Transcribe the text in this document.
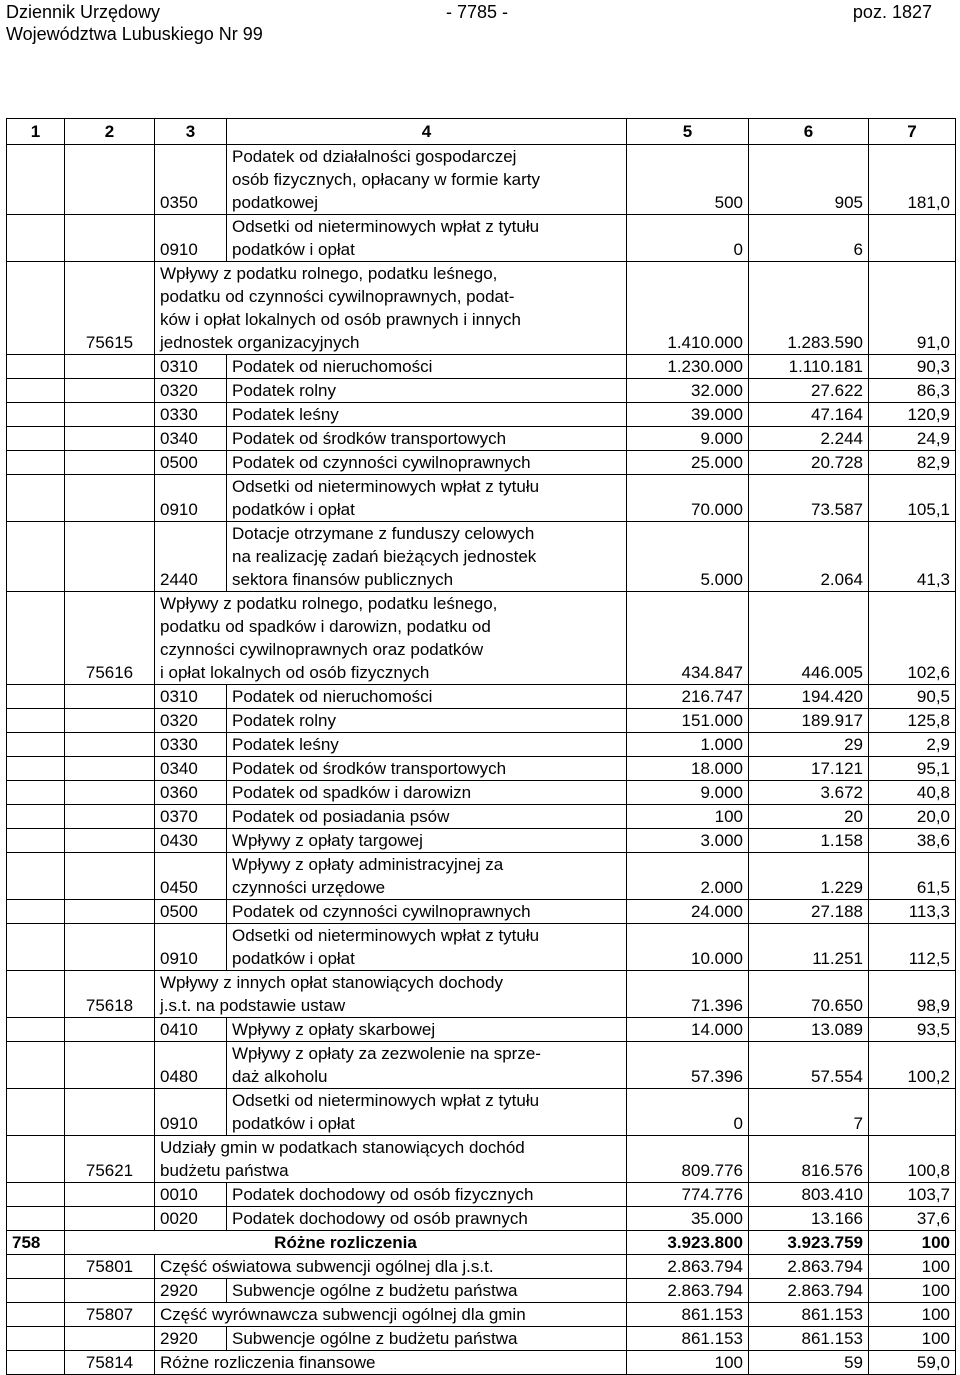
Dziennik Urzędowy
Województwa Lubuskiego Nr 99
- 7785 -	poz. 1827
1	2	3	4	5	6	7
		0350	Podatek od działalności gospodarczej
osób fizycznych, opłacany w formie karty
podatkowej	500	905	181,0
		0910	Odsetki od nieterminowych wpłat z tytułu
podatków i opłat	0	6	
	75615	Wpływy z podatku rolnego, podatku leśnego,
podatku od czynności cywilnoprawnych, podat-
ków i opłat lokalnych od osób prawnych i innych
jednostek organizacyjnych		1.410.000	1.283.590	91,0
		0310	Podatek od nieruchomości	1.230.000	1.110.181	90,3
		0320	Podatek rolny	32.000	27.622	86,3
		0330	Podatek leśny	39.000	47.164	120,9
		0340	Podatek od środków transportowych	9.000	2.244	24,9
		0500	Podatek od czynności cywilnoprawnych	25.000	20.728	82,9
		0910	Odsetki od nieterminowych wpłat z tytułu
podatków i opłat	70.000	73.587	105,1
		2440	Dotacje otrzymane z funduszy celowych
na realizację zadań bieżących jednostek
sektora finansów publicznych	5.000	2.064	41,3
	75616	Wpływy z podatku rolnego, podatku leśnego,
podatku od spadków i darowizn, podatku od
czynności cywilnoprawnych oraz podatków
i opłat lokalnych od osób fizycznych		434.847	446.005	102,6
		0310	Podatek od nieruchomości	216.747	194.420	90,5
		0320	Podatek rolny	151.000	189.917	125,8
		0330	Podatek leśny	1.000	29	2,9
		0340	Podatek od środków transportowych	18.000	17.121	95,1
		0360	Podatek od spadków i darowizn	9.000	3.672	40,8
		0370	Podatek od posiadania psów	100	20	20,0
		0430	Wpływy z opłaty targowej	3.000	1.158	38,6
		0450	Wpływy z opłaty administracyjnej za
czynności urzędowe	2.000	1.229	61,5
		0500	Podatek od czynności cywilnoprawnych	24.000	27.188	113,3
		0910	Odsetki od nieterminowych wpłat z tytułu
podatków i opłat	10.000	11.251	112,5
	75618	Wpływy z innych opłat stanowiących dochody
j.s.t. na podstawie ustaw		71.396	70.650	98,9
		0410	Wpływy z opłaty skarbowej	14.000	13.089	93,5
		0480	Wpływy z opłaty za zezwolenie na sprze-
daż alkoholu	57.396	57.554	100,2
		0910	Odsetki od nieterminowych wpłat z tytułu
podatków i opłat	0	7	
	75621	Udziały gmin w podatkach stanowiących dochód
budżetu państwa		809.776	816.576	100,8
		0010	Podatek dochodowy od osób fizycznych	774.776	803.410	103,7
		0020	Podatek dochodowy od osób prawnych	35.000	13.166	37,6
758	Różne rozliczenia			3.923.800	3.923.759	100
	75801	Część oświatowa subwencji ogólnej dla j.s.t.		2.863.794	2.863.794	100
		2920	Subwencje ogólne z budżetu państwa	2.863.794	2.863.794	100
	75807	Część wyrównawcza subwencji ogólnej dla gmin		861.153	861.153	100
		2920	Subwencje ogólne z budżetu państwa	861.153	861.153	100
	75814	Różne rozliczenia finansowe		100	59	59,0
